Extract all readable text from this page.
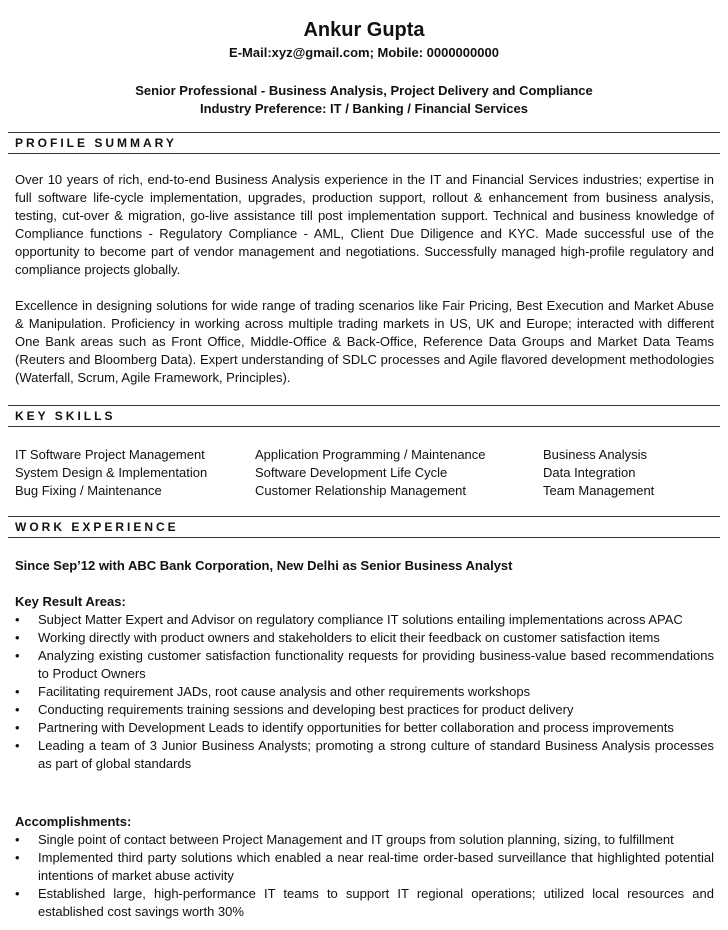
Ankur Gupta
E-Mail:xyz@gmail.com; Mobile: 0000000000
Senior Professional - Business Analysis, Project Delivery and Compliance
Industry Preference: IT / Banking / Financial Services
PROFILE SUMMARY
Over 10 years of rich, end-to-end Business Analysis experience in the IT and Financial Services industries; expertise in full software life-cycle implementation, upgrades, production support, rollout & enhancement from business analysis, testing, cut-over & migration, go-live assistance till post implementation support. Technical and business knowledge of Compliance functions - Regulatory Compliance - AML, Client Due Diligence and KYC. Made successful use of the opportunity to become part of vendor management and negotiations. Successfully managed high-profile regulatory and compliance projects globally.
Excellence in designing solutions for wide range of trading scenarios like Fair Pricing, Best Execution and Market Abuse & Manipulation. Proficiency in working across multiple trading markets in US, UK and Europe; interacted with different One Bank areas such as Front Office, Middle-Office & Back-Office, Reference Data Groups and Market Data Teams (Reuters and Bloomberg Data). Expert understanding of SDLC processes and Agile flavored development methodologies (Waterfall, Scrum, Agile Framework, Principles).
KEY SKILLS
IT Software Project Management	Application Programming / Maintenance	Business Analysis
System Design & Implementation	Software Development Life Cycle	Data Integration
Bug Fixing / Maintenance	Customer Relationship Management	Team Management
WORK EXPERIENCE
Since Sep’12 with ABC Bank Corporation, New Delhi as Senior Business Analyst
Key Result Areas:
•	Subject Matter Expert and Advisor on regulatory compliance IT solutions entailing implementations across APAC
•	Working directly with product owners and stakeholders to elicit their feedback on customer satisfaction items
•	Analyzing existing customer satisfaction functionality requests for providing business-value based recommendations to Product Owners
•	Facilitating requirement JADs, root cause analysis and other requirements workshops
•	Conducting requirements training sessions and developing best practices for product delivery
•	Partnering with Development Leads to identify opportunities for better collaboration and process improvements
•	Leading a team of 3 Junior Business Analysts; promoting a strong culture of standard Business Analysis processes as part of global standards
Accomplishments:
•	Single point of contact between Project Management and IT groups from solution planning, sizing, to fulfillment
•	Implemented third party solutions which enabled a near real-time order-based surveillance that highlighted potential intentions of market abuse activity
•	Established large, high-performance IT teams to support IT regional operations; utilized local resources and established cost savings worth 30%
